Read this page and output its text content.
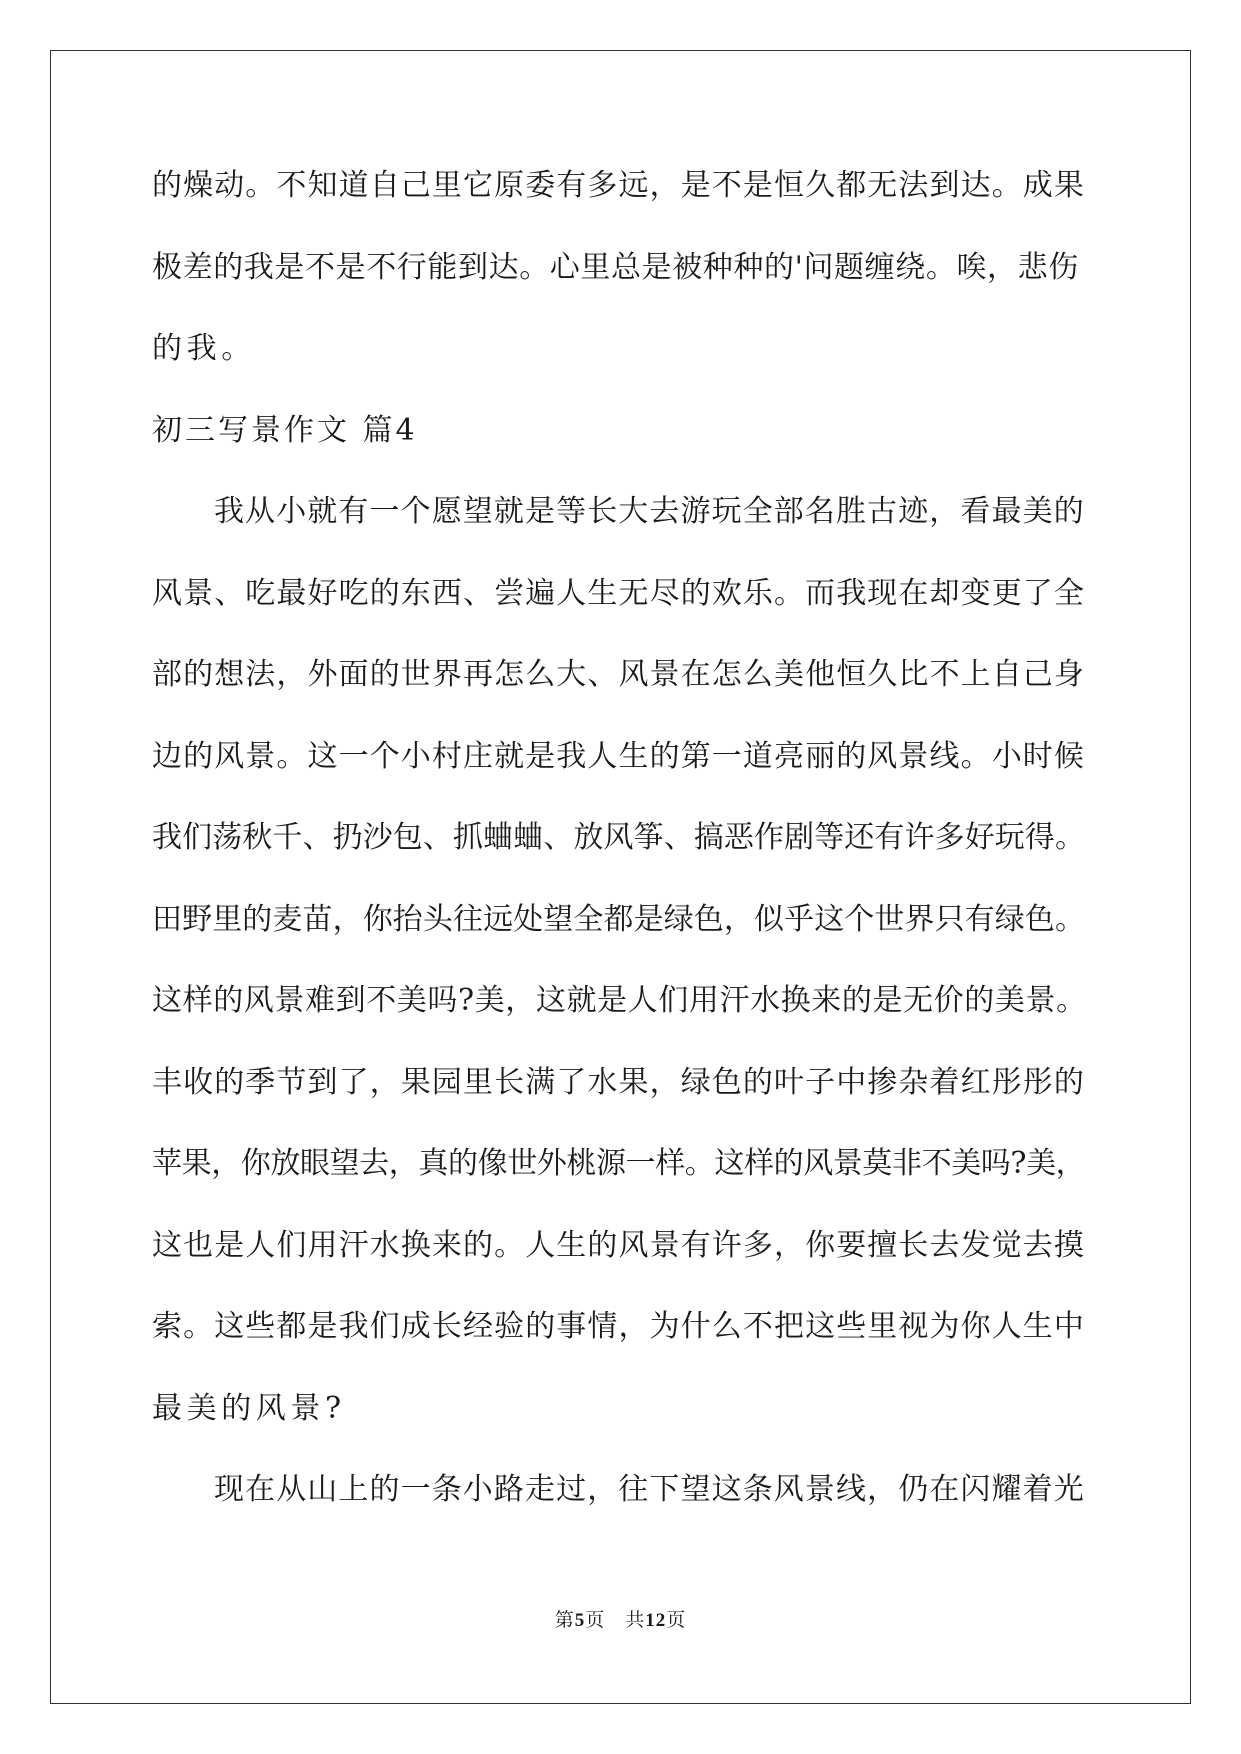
的燥动。不知道自己里它原委有多远，是不是恒久都无法到达。成果
极差的我是不是不行能到达。心里总是被种种的'问题缠绕。唉，悲伤
的我。
初三写景作文 篇4
我从小就有一个愿望就是等长大去游玩全部名胜古迹，看最美的
风景、吃最好吃的东西、尝遍人生无尽的欢乐。而我现在却变更了全
部的想法，外面的世界再怎么大、风景在怎么美他恒久比不上自己身
边的风景。这一个小村庄就是我人生的第一道亮丽的风景线。小时候
我们荡秋千、扔沙包、抓蛐蛐、放风筝、搞恶作剧等还有许多好玩得。
田野里的麦苗，你抬头往远处望全都是绿色，似乎这个世界只有绿色。
这样的风景难到不美吗?美，这就是人们用汗水换来的是无价的美景。
丰收的季节到了，果园里长满了水果，绿色的叶子中掺杂着红彤彤的
苹果，你放眼望去，真的像世外桃源一样。这样的风景莫非不美吗?美，
这也是人们用汗水换来的。人生的风景有许多，你要擅长去发觉去摸
索。这些都是我们成长经验的事情，为什么不把这些里视为你人生中
最美的风景?
现在从山上的一条小路走过，往下望这条风景线，仍在闪耀着光
第5页　共12页
